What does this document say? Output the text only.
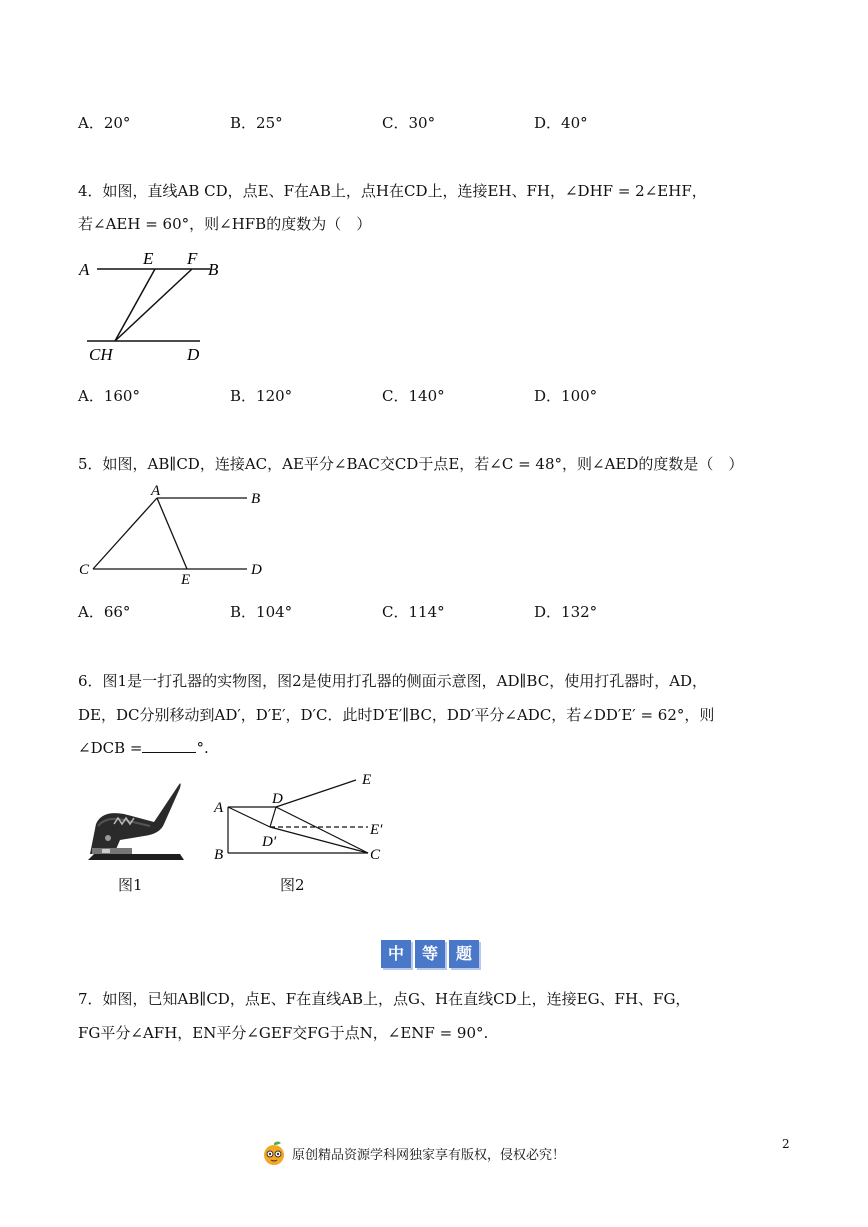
A．20°	B．25°	C．30°	D．40°
4．如图，直线AB CD，点E、F在AB上，点H在CD上，连接EH、FH，∠DHF = 2∠EHF，
若∠AEH = 60°，则∠HFB的度数为（　）
A
E F
B
CH	D
A．160°	B．120°	C．140°	D．100°
5．如图，AB∥CD，连接AC，AE平分∠BAC交CD于点E，若∠C = 48°，则∠AED的度数是（　）
A	B
C
E
D
A．66°	B．104°	C．114°	D．132°
6．图1是一打孔器的实物图，图2是使用打孔器的侧面示意图，AD∥BC，使用打孔器时，AD，
DE，DC分别移动到AD′，D′E′，D′C．此时D′E′∥BC，DD′平分∠ADC，若∠DD′E′ = 62°，则
∠DCB =	°.
图1
A
D
E
E′
D′
B	C
图2
中	等	题
7．如图，已知AB∥CD，点E、F在直线AB上，点G、H在直线CD上，连接EG、FH、FG，
FG平分∠AFH，EN平分∠GEF交FG于点N，∠ENF = 90°.
原创精品资源学科网独家享有版权，侵权必究！
2
